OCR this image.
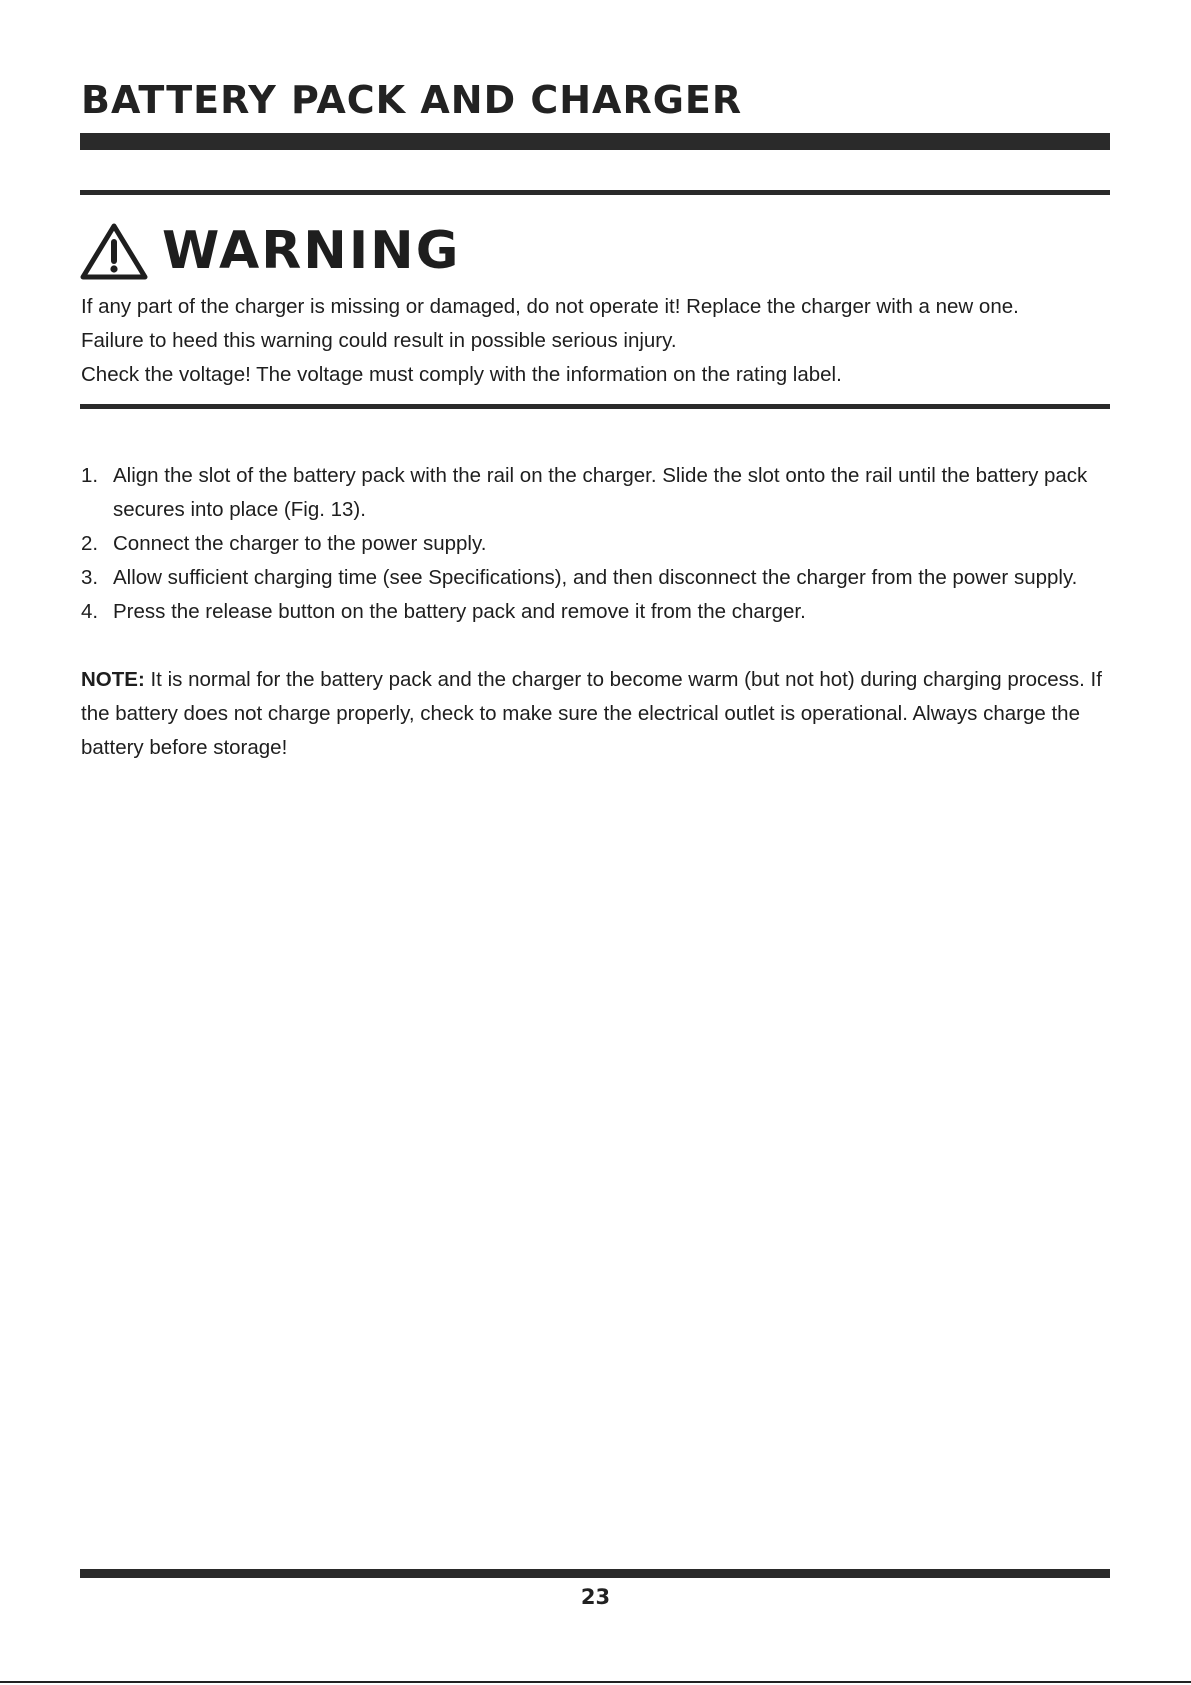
BATTERY PACK AND CHARGER
WARNING

If any part of the charger is missing or damaged, do not operate it! Replace the charger with a new one.

Failure to heed this warning could result in possible serious injury.

Check the voltage! The voltage must comply with the information on the rating label.

1. Align the slot of the battery pack with the rail on the charger. Slide the slot onto the rail until the battery pack secures into place (Fig. 13).
2. Connect the charger to the power supply.
3. Allow sufficient charging time (see Specifications), and then disconnect the charger from the power supply.
4. Press the release button on the battery pack and remove it from the charger.

NOTE: It is normal for the battery pack and the charger to become warm (but not hot) during charging process. If the battery does not charge properly, check to make sure the electrical outlet is operational. Always charge the battery before storage!

23
